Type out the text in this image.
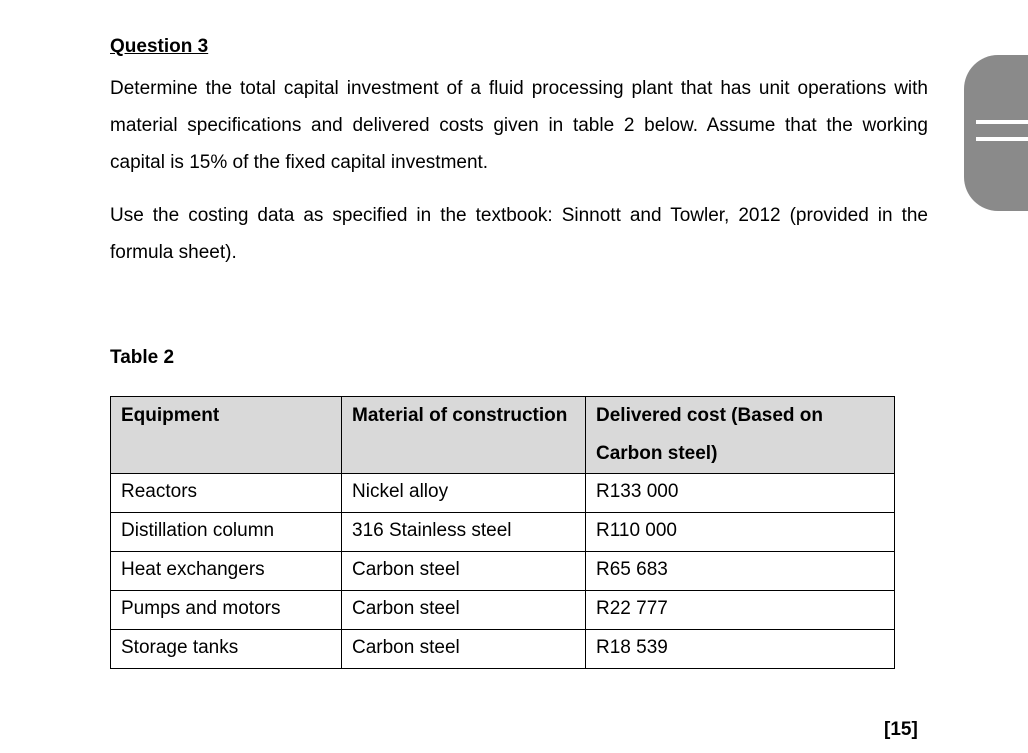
Question 3

Determine the total capital investment of a fluid processing plant that has unit operations with material specifications and delivered costs given in table 2 below. Assume that the working capital is 15% of the fixed capital investment.

Use the costing data as specified in the textbook: Sinnott and Towler, 2012 (provided in the formula sheet).

Table 2

Equipment	Material of construction	Delivered cost (Based on Carbon steel)
Reactors	Nickel alloy	R133 000
Distillation column	316 Stainless steel	R110 000
Heat exchangers	Carbon steel	R65 683
Pumps and motors	Carbon steel	R22 777
Storage tanks	Carbon steel	R18 539

[15]
